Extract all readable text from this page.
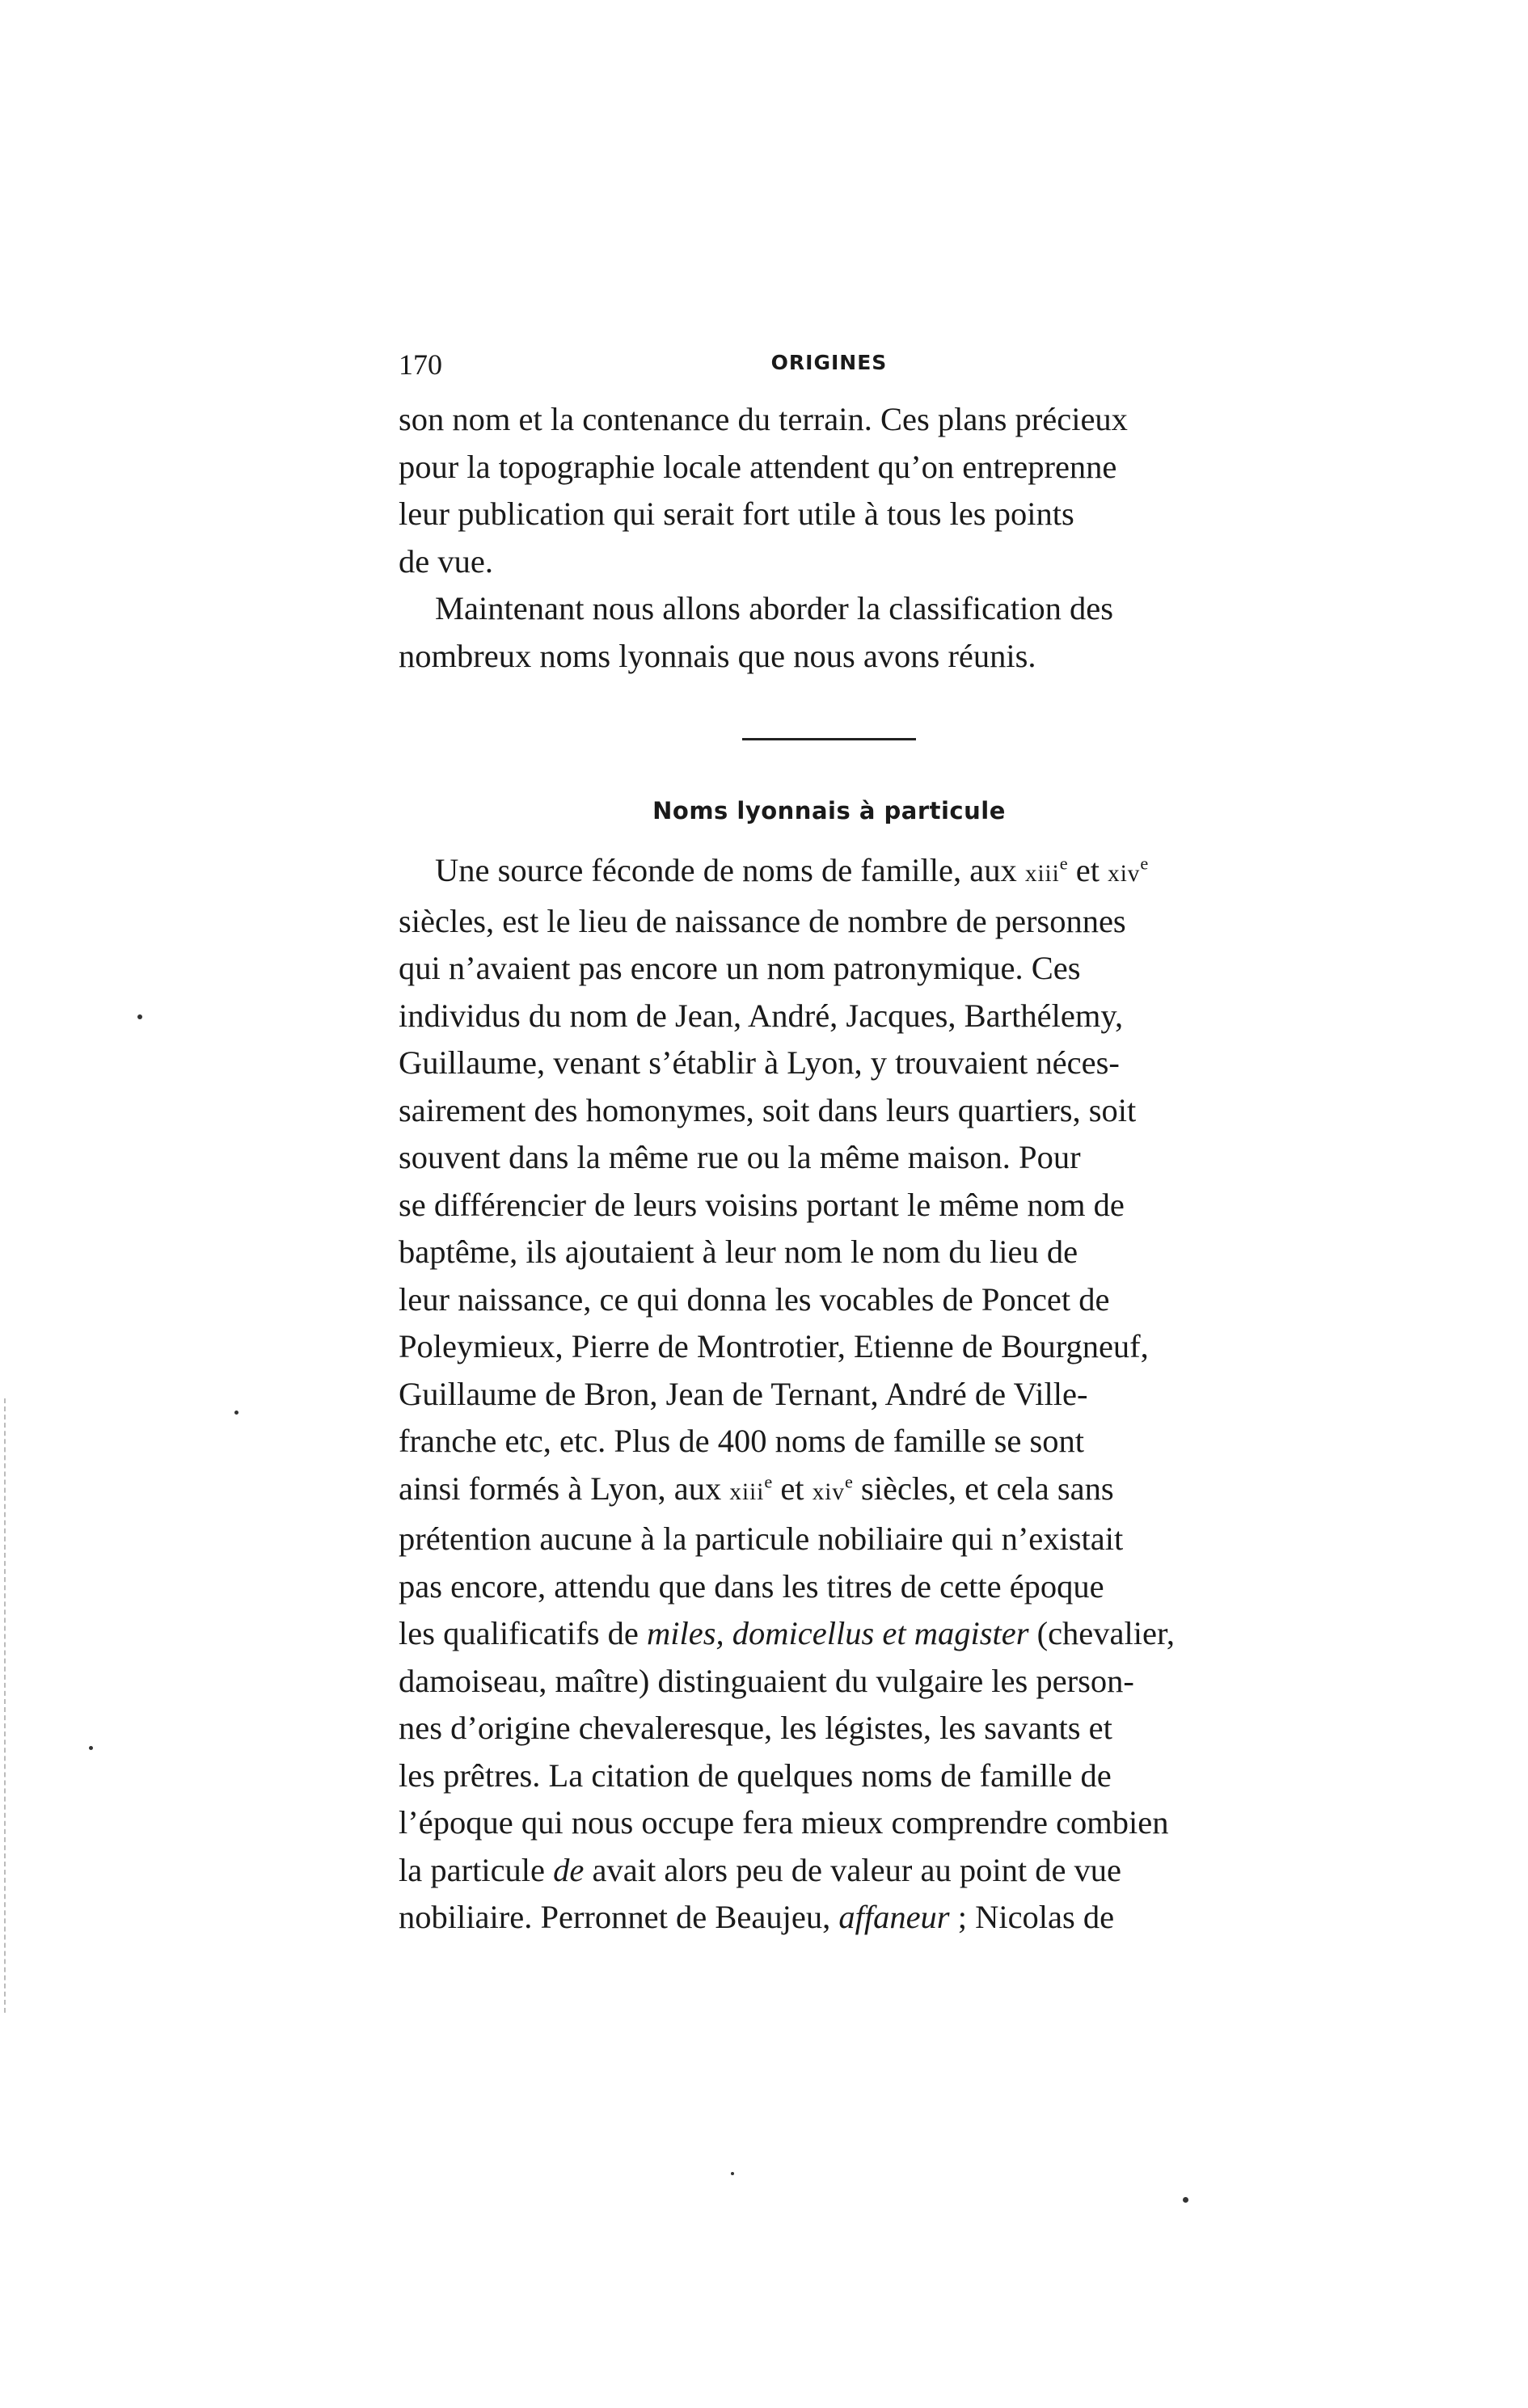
170	ORIGINES
son nom et la contenance du terrain. Ces plans précieux
pour la topographie locale attendent qu’on entreprenne
leur publication qui serait fort utile à tous les points
de vue.
Maintenant nous allons aborder la classification des
nombreux noms lyonnais que nous avons réunis.
Noms lyonnais à particule
Une source féconde de noms de famille, aux xiii$^e$ et xiv$^e$
siècles, est le lieu de naissance de nombre de personnes
qui n’avaient pas encore un nom patronymique. Ces
individus du nom de Jean, André, Jacques, Barthélemy,
Guillaume, venant s’établir à Lyon, y trouvaient néces-
sairement des homonymes, soit dans leurs quartiers, soit
souvent dans la même rue ou la même maison. Pour
se différencier de leurs voisins portant le même nom de
baptême, ils ajoutaient à leur nom le nom du lieu de
leur naissance, ce qui donna les vocables de Poncet de
Poleymieux, Pierre de Montrotier, Etienne de Bourgneuf,
Guillaume de Bron, Jean de Ternant, André de Ville-
franche etc, etc. Plus de 400 noms de famille se sont
ainsi formés à Lyon, aux xiii$^e$ et xiv$^e$ siècles, et cela sans
prétention aucune à la particule nobiliaire qui n’existait
pas encore, attendu que dans les titres de cette époque
les qualificatifs de miles, domicellus et magister (chevalier,
damoiseau, maître) distinguaient du vulgaire les person-
nes d’origine chevaleresque, les légistes, les savants et
les prêtres. La citation de quelques noms de famille de
l’époque qui nous occupe fera mieux comprendre combien
la particule de avait alors peu de valeur au point de vue
nobiliaire. Perronnet de Beaujeu, affaneur ; Nicolas de
